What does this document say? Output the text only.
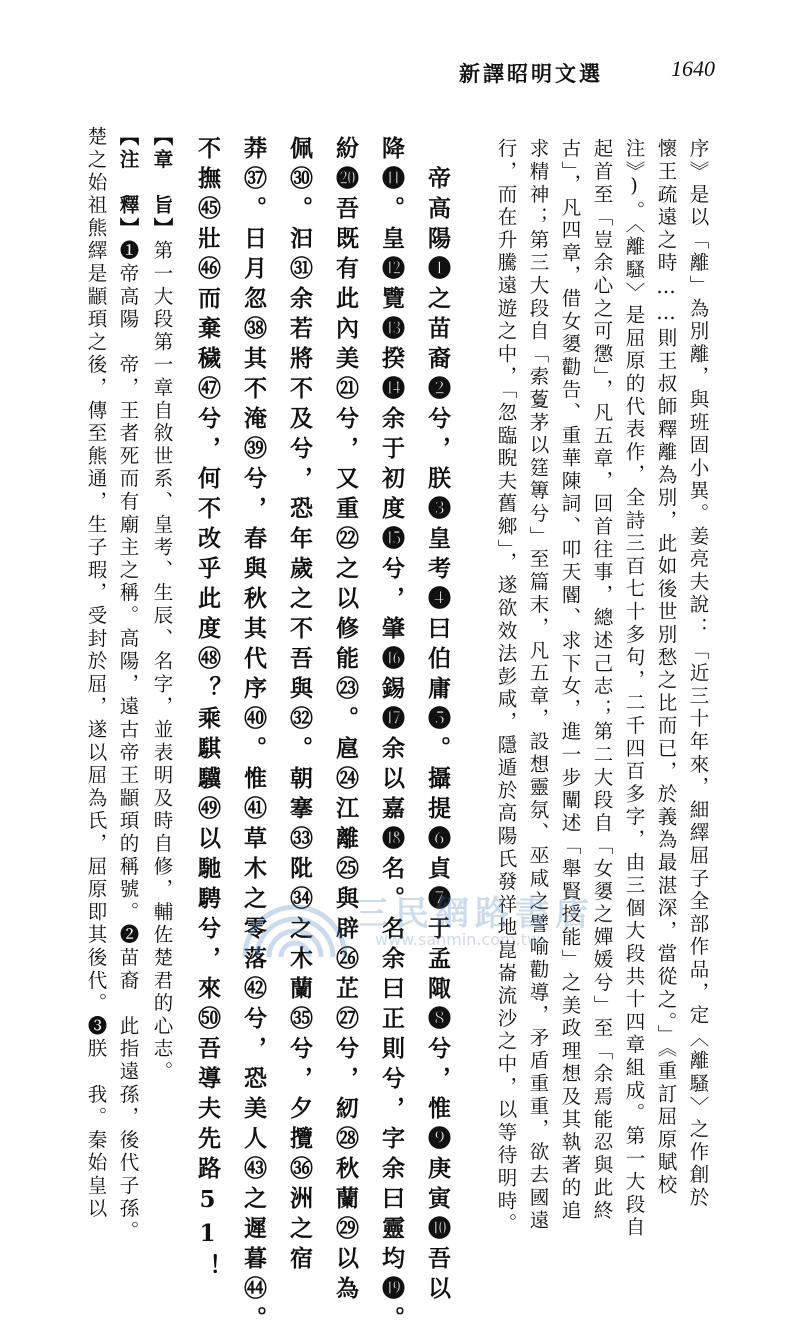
新譯昭明文選	1640
序》是以「離」為別離，與班固小異。姜亮夫說：「近三十年來，細繹屈子全部作品，定〈離騷〉之作創於
懷王疏遠之時……則王叔師釋離為別，此如後世別愁之比而已，於義為最湛深，當從之。」《重訂屈原賦校
注》)。〈離騷〉是屈原的代表作，全詩三百七十多句，二千四百多字，由三個大段共十四章組成。第一大段自
起首至「豈余心之可懲」，凡五章，回首往事，總述己志；第二大段自「女嬃之嬋媛兮」至「余焉能忍與此終
古」，凡四章，借女嬃勸告、重華陳詞、叩天閽、求下女，進一步闡述「舉賢授能」之美政理想及其執著的追
求精神；第三大段自「索藑茅以筳篿兮」至篇末，凡五章，設想靈氛、巫咸之譬喻勸導，矛盾重重，欲去國遠
行，而在升騰遠遊之中，「忽臨睨夫舊鄉」，遂欲效法彭咸，隱遁於高陽氏發祥地崑崙流沙之中，以等待明時。
帝高陽❶之苗裔❷兮，朕❸皇考❹曰伯庸❺。攝提❻貞❼于孟陬❽兮，惟❾庚寅❿吾以
降⓫。皇⓬覽⓭揆⓮余于初度⓯兮，肇⓰錫⓱余以嘉⓲名。名余曰正則兮，字余曰靈均⓳。
紛⓴吾既有此內美㉑兮，又重㉒之以修能㉓。扈㉔江離㉕與辟㉖芷㉗兮，紉㉘秋蘭㉙以為
佩㉚。汩㉛余若將不及兮，恐年歲之不吾與㉜。朝搴㉝阰㉞之木蘭㉟兮，夕攬㊱洲之宿
莽㊲。日月忽㊳其不淹㊴兮，春與秋其代序㊵。惟㊶草木之零落㊷兮，恐美人㊸之遲暮㊹。
不撫㊺壯㊻而棄穢㊼兮，何不改乎此度㊽？乘騏驥㊾以馳騁兮，來㊿吾導夫先路51！
【章　旨】第一大段第一章自敘世系、皇考、生辰、名字，並表明及時自修，輔佐楚君的心志。
【注　釋】❶帝高陽　帝，王者死而有廟主之稱。高陽，遠古帝王顓頊的稱號。❷苗裔　此指遠孫，後代子孫。
楚之始祖熊繹是顓頊之後，傳至熊通，生子瑕，受封於屈，遂以屈為氏，屈原即其後代。❸朕　我。秦始皇以	三民網路書店
www.sanmin.com.tw
